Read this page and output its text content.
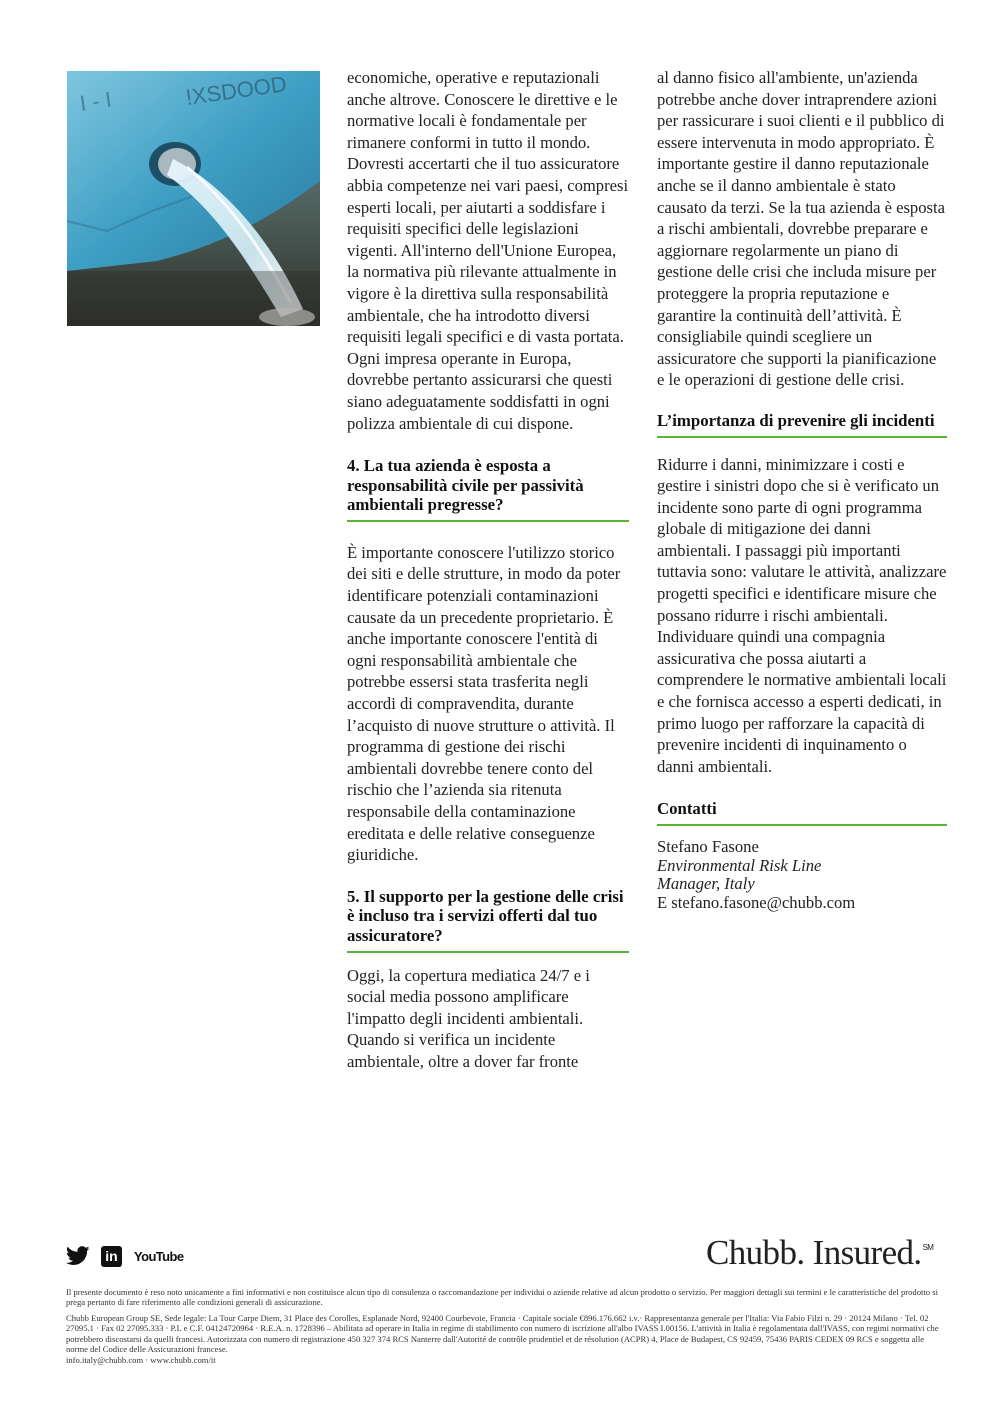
!XSDOOD
I - I

economiche, operative e reputazionali anche altrove. Conoscere le direttive e le normative locali è fondamentale per rimanere conformi in tutto il mondo. Dovresti accertarti che il tuo assicuratore abbia competenze nei vari paesi, compresi esperti locali, per aiutarti a soddisfare i requisiti specifici delle legislazioni vigenti. All'interno dell'Unione Europea, la normativa più rilevante attualmente in vigore è la direttiva sulla responsabilità ambientale, che ha introdotto diversi requisiti legali specifici e di vasta portata. Ogni impresa operante in Europa, dovrebbe pertanto assicurarsi che questi siano adeguatamente soddisfatti in ogni polizza ambientale di cui dispone.

4. La tua azienda è esposta a responsabilità civile per passività ambientali pregresse?

È importante conoscere l'utilizzo storico dei siti e delle strutture, in modo da poter identificare potenziali contaminazioni causate da un precedente proprietario. È anche importante conoscere l'entità di ogni responsabilità ambientale che potrebbe essersi stata trasferita negli accordi di compravendita, durante l’acquisto di nuove strutture o attività. Il programma di gestione dei rischi ambientali dovrebbe tenere conto del rischio che l’azienda sia ritenuta responsabile della contaminazione ereditata e delle relative conseguenze giuridiche.

5. Il supporto per la gestione delle crisi è incluso tra i servizi offerti dal tuo assicuratore?

Oggi, la copertura mediatica 24/7 e i social media possono amplificare l'impatto degli incidenti ambientali. Quando si verifica un incidente ambientale, oltre a dover far fronte

al danno fisico all'ambiente, un'azienda potrebbe anche dover intraprendere azioni per rassicurare i suoi clienti e il pubblico di essere intervenuta in modo appropriato. È importante gestire il danno reputazionale anche se il danno ambientale è stato causato da terzi. Se la tua azienda è esposta a rischi ambientali, dovrebbe preparare e aggiornare regolarmente un piano di gestione delle crisi che includa misure per proteggere la propria reputazione e garantire la continuità dell’attività. È consigliabile quindi scegliere un assicuratore che supporti la pianificazione e le operazioni di gestione delle crisi.

L’importanza di prevenire gli incidenti

Ridurre i danni, minimizzare i costi e gestire i sinistri dopo che si è verificato un incidente sono parte di ogni programma globale di mitigazione dei danni ambientali. I passaggi più importanti tuttavia sono: valutare le attività, analizzare progetti specifici e identificare misure che possano ridurre i rischi ambientali. Individuare quindi una compagnia assicurativa che possa aiutarti a comprendere le normative ambientali locali e che fornisca accesso a esperti dedicati, in primo luogo per rafforzare la capacità di prevenire incidenti di inquinamento o danni ambientali.

Contatti

Stefano Fasone

Environmental Risk Line

Manager, Italy

E stefano.fasone@chubb.com

in YouTube	Chubb. Insured.℠

Il presente documento è reso noto unicamente a fini informativi e non costituisce alcun tipo di consulenza o raccomandazione per individui o aziende relative ad alcun prodotto o servizio. Per maggiori dettagli sui termini e le caratteristiche del prodotto si prega pertanto di fare riferimento alle condizioni generali di assicurazione.

Chubb European Group SE, Sede legale: La Tour Carpe Diem, 31 Place des Corolles, Esplanade Nord, 92400 Courbevoie, Francia · Capitale sociale €896.176.662 i.v.· Rappresentanza generale per l'Italia: Via Fabio Filzi n. 29 · 20124 Milano · Tel. 02 27095.1 · Fax 02 27095.333 · P.I. e C.F. 04124720964 · R.E.A. n. 1728396 – Abilitata ad operare in Italia in regime di stabilimento con numero di iscrizione all'albo IVASS I.00156. L'attività in Italia è regolamentata dall'IVASS, con regimi normativi che potrebbero discostarsi da quelli francesi. Autorizzata con numero di registrazione 450 327 374 RCS Nanterre dall'Autorité de contrôle prudentiel et de résolution (ACPR) 4, Place de Budapest, CS 92459, 75436 PARIS CEDEX 09 RCS e soggetta alle norme del Codice delle Assicurazioni francese.

info.italy@chubb.com · www.chubb.com/it
